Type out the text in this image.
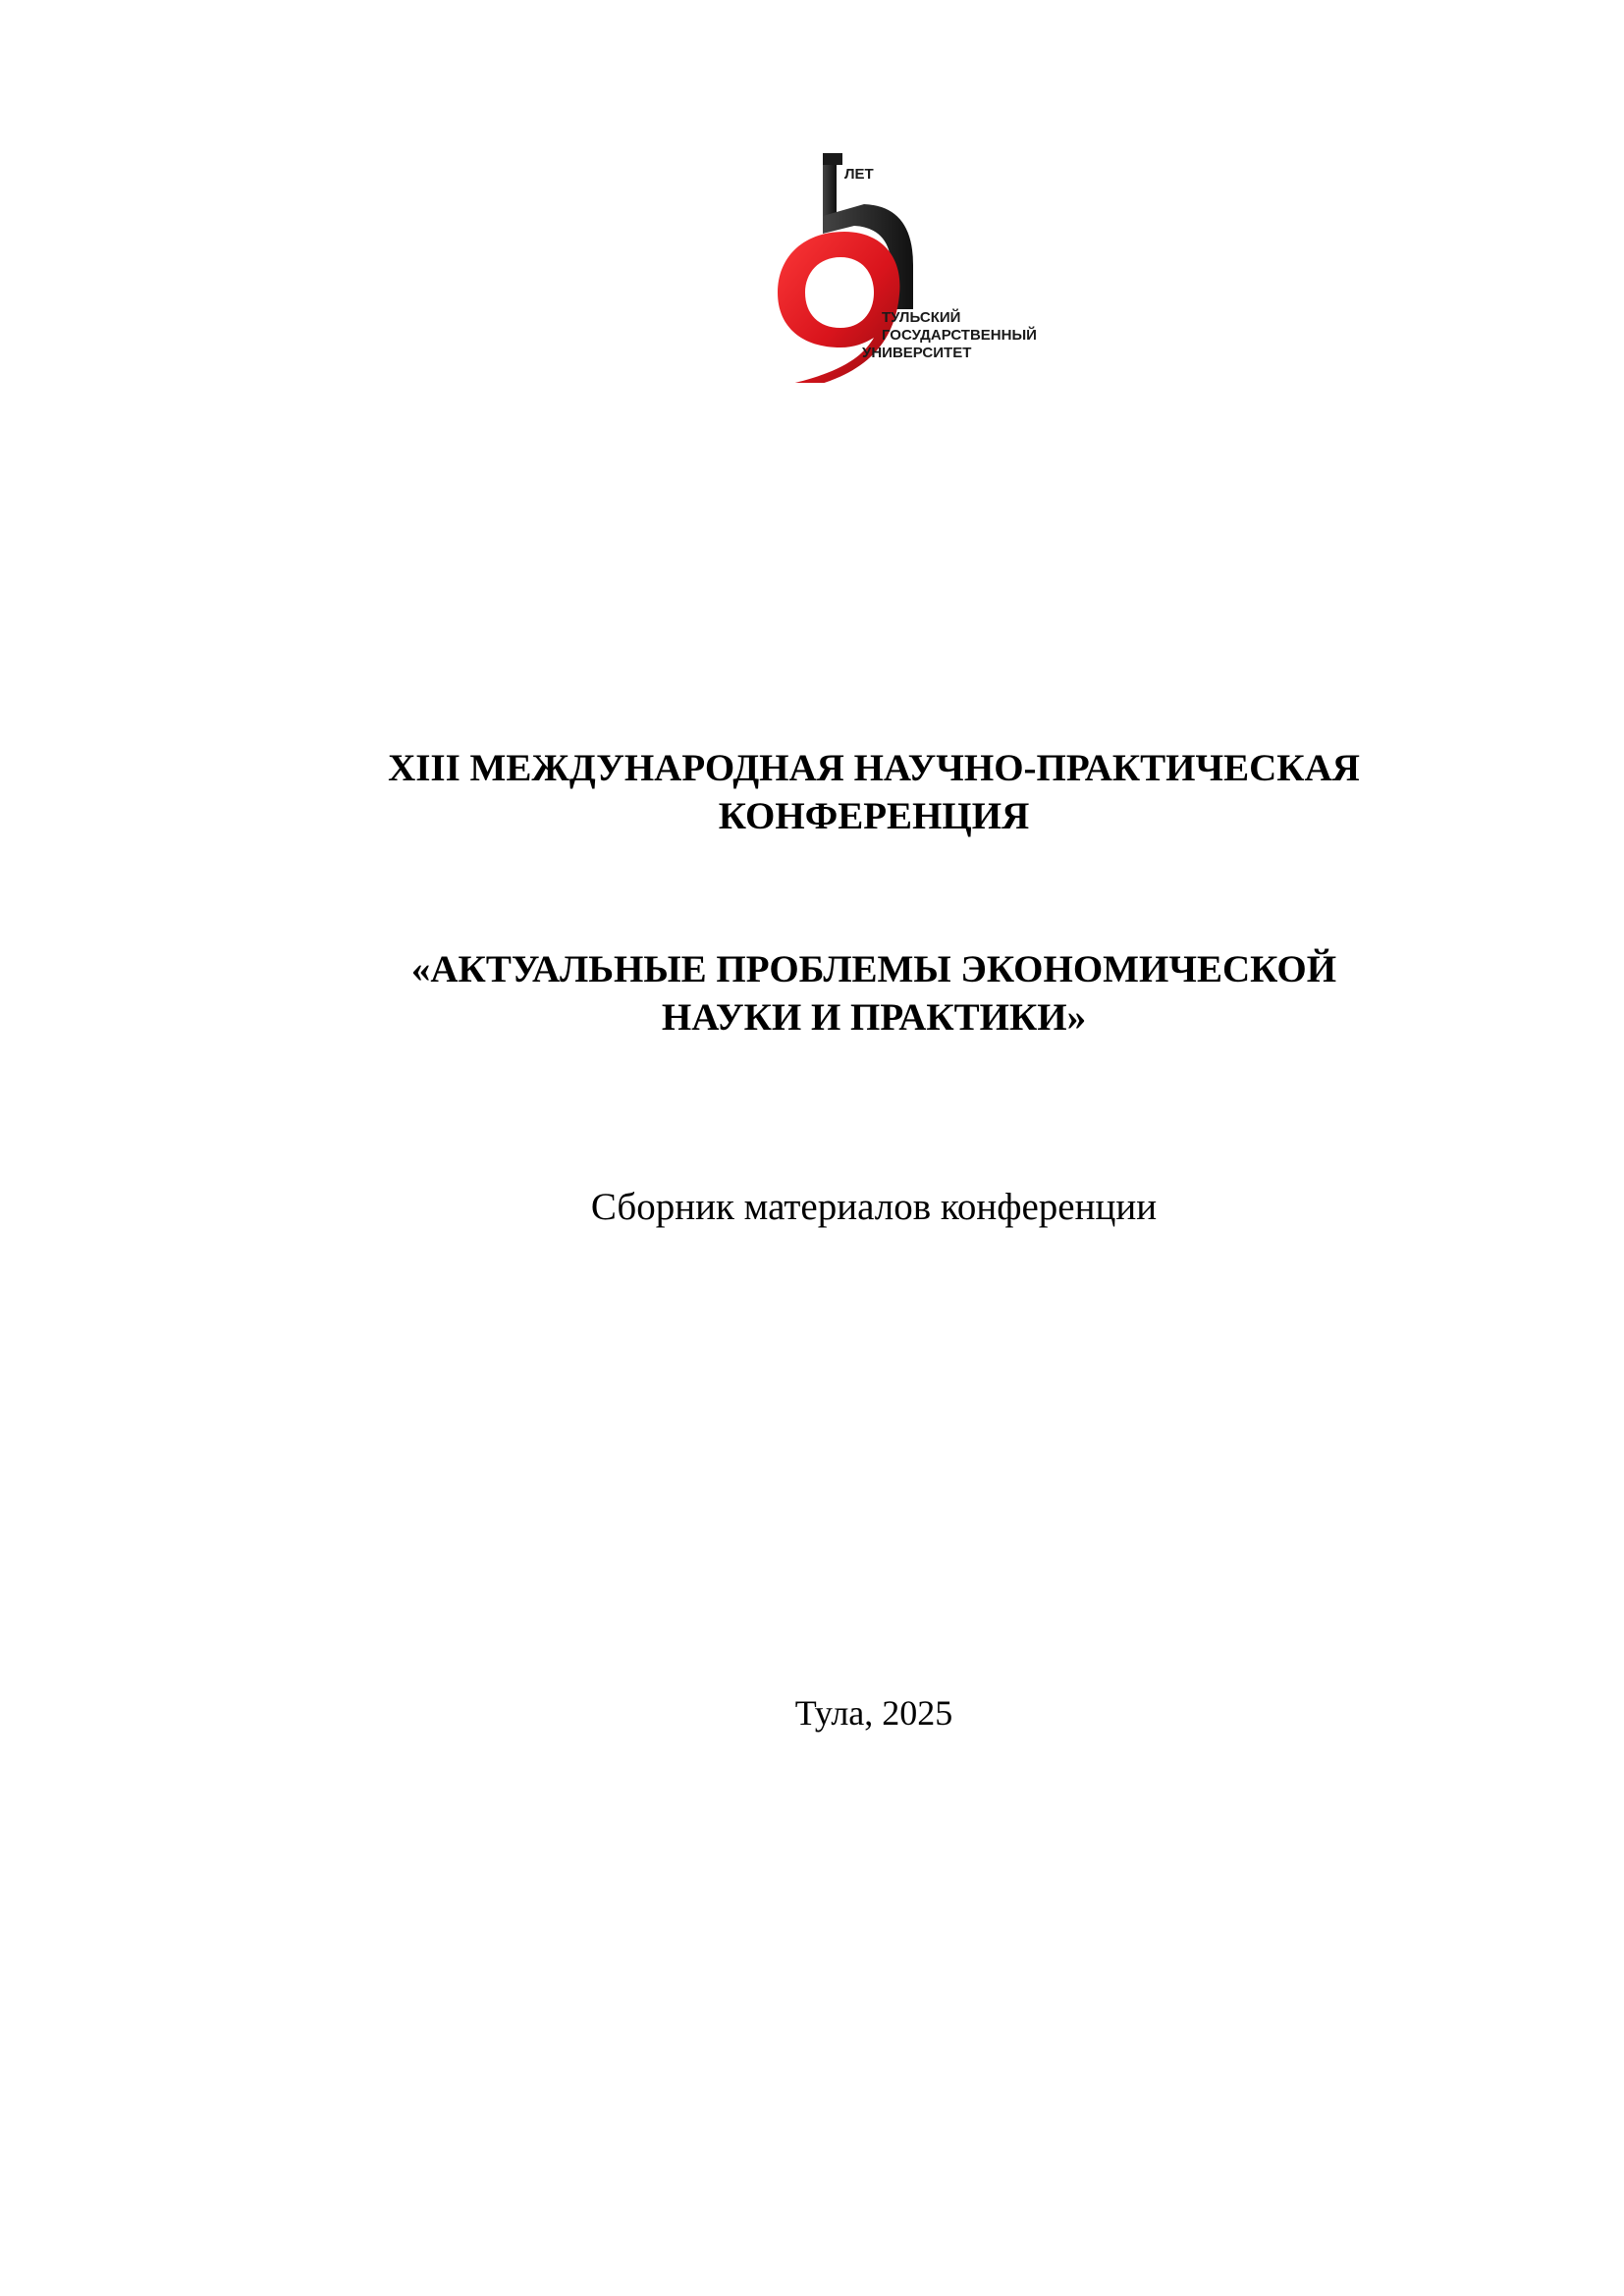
ЛЕТ
ТУЛЬСКИЙ
ГОСУДАРСТВЕННЫЙ
УНИВЕРСИТЕТ
XIII МЕЖДУНАРОДНАЯ НАУЧНО-ПРАКТИЧЕСКАЯ
КОНФЕРЕНЦИЯ
«АКТУАЛЬНЫЕ ПРОБЛЕМЫ ЭКОНОМИЧЕСКОЙ
НАУКИ И ПРАКТИКИ»
Сборник материалов конференции
Тула, 2025
